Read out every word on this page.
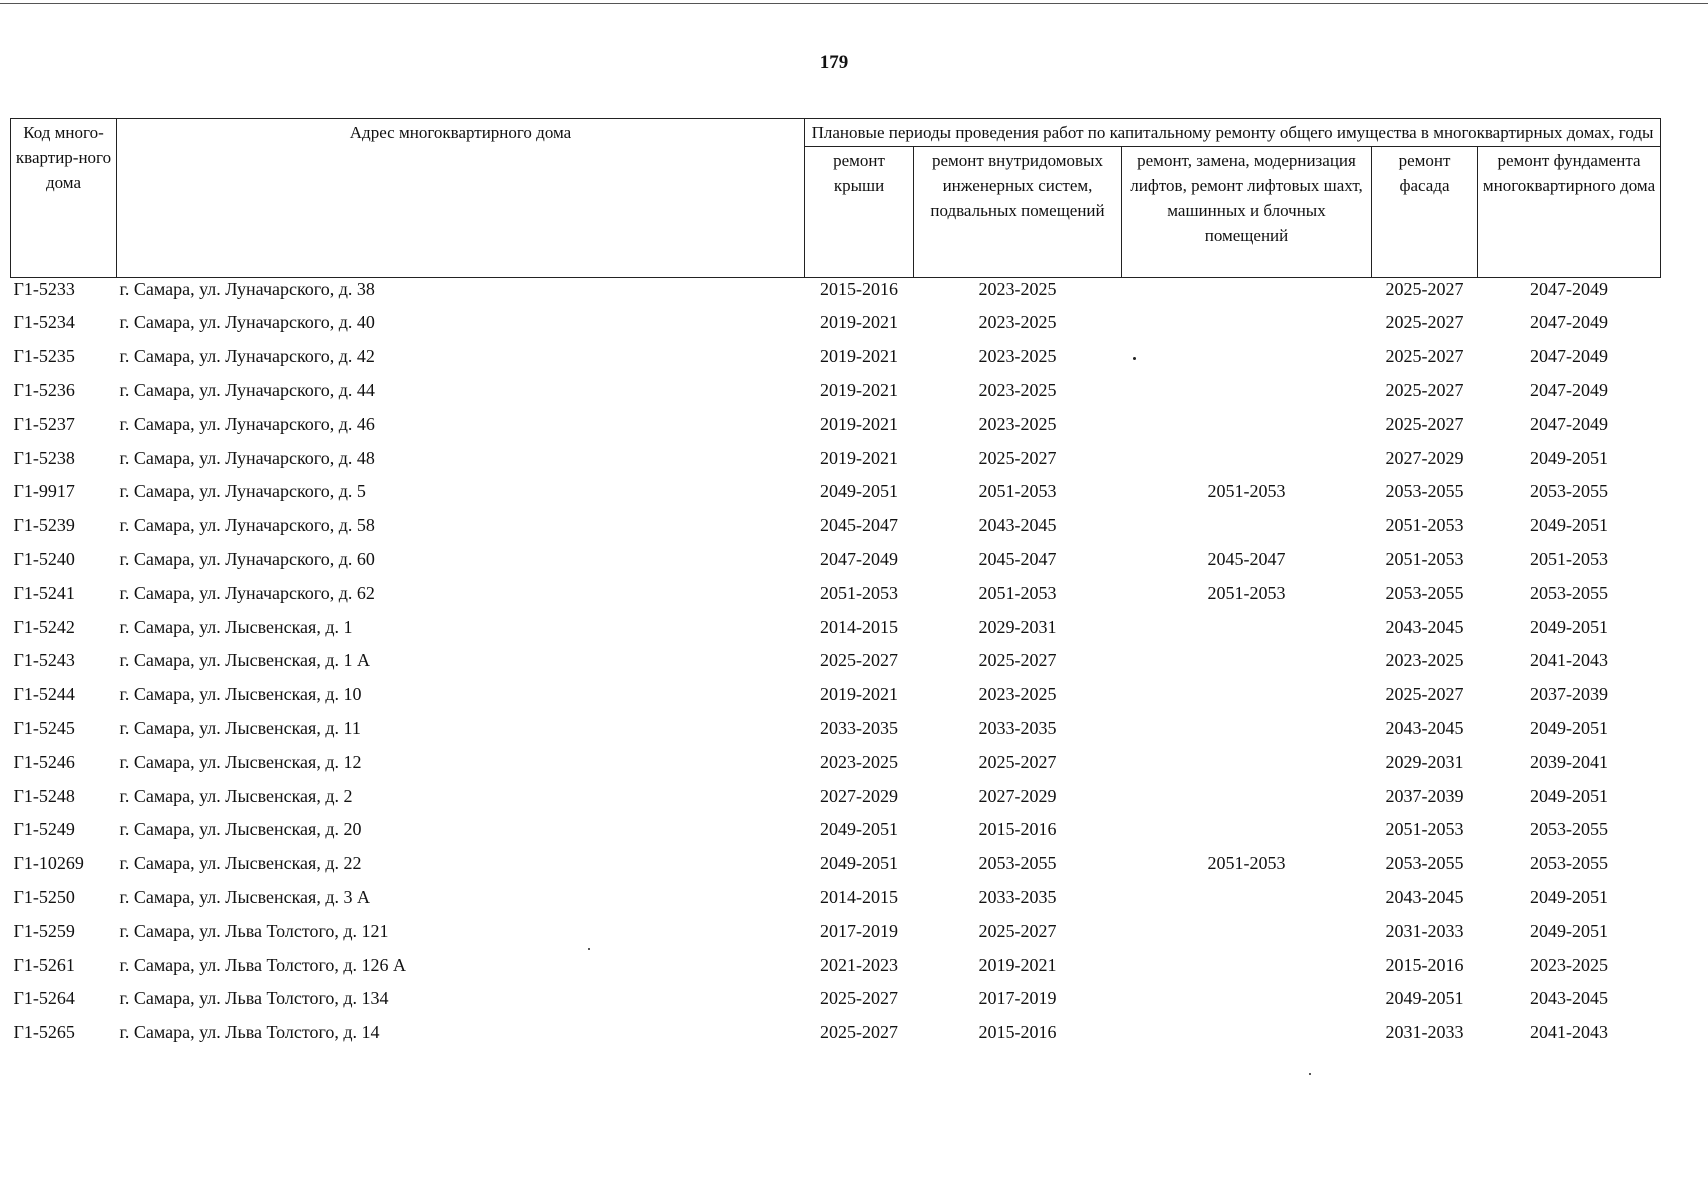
179
Код много-квартир-ного дома	Адрес многоквартирного дома	Плановые периоды проведения работ по капитальному ремонту общего имущества в многоквартирных домах, годы				
		ремонт крыши	ремонт внутридомовых инженерных систем, подвальных помещений	ремонт, замена, модернизация лифтов, ремонт лифтовых шахт, машинных и блочных помещений	ремонт фасада	ремонт фундамента многоквартирного дома
Г1-5233	г. Самара, ул. Луначарского, д. 38	2015-2016	2023-2025		2025-2027	2047-2049
Г1-5234	г. Самара, ул. Луначарского, д. 40	2019-2021	2023-2025		2025-2027	2047-2049
Г1-5235	г. Самара, ул. Луначарского, д. 42	2019-2021	2023-2025		2025-2027	2047-2049
Г1-5236	г. Самара, ул. Луначарского, д. 44	2019-2021	2023-2025		2025-2027	2047-2049
Г1-5237	г. Самара, ул. Луначарского, д. 46	2019-2021	2023-2025		2025-2027	2047-2049
Г1-5238	г. Самара, ул. Луначарского, д. 48	2019-2021	2025-2027		2027-2029	2049-2051
Г1-9917	г. Самара, ул. Луначарского, д. 5	2049-2051	2051-2053	2051-2053	2053-2055	2053-2055
Г1-5239	г. Самара, ул. Луначарского, д. 58	2045-2047	2043-2045		2051-2053	2049-2051
Г1-5240	г. Самара, ул. Луначарского, д. 60	2047-2049	2045-2047	2045-2047	2051-2053	2051-2053
Г1-5241	г. Самара, ул. Луначарского, д. 62	2051-2053	2051-2053	2051-2053	2053-2055	2053-2055
Г1-5242	г. Самара, ул. Лысвенская, д. 1	2014-2015	2029-2031		2043-2045	2049-2051
Г1-5243	г. Самара, ул. Лысвенская, д. 1 А	2025-2027	2025-2027		2023-2025	2041-2043
Г1-5244	г. Самара, ул. Лысвенская, д. 10	2019-2021	2023-2025		2025-2027	2037-2039
Г1-5245	г. Самара, ул. Лысвенская, д. 11	2033-2035	2033-2035		2043-2045	2049-2051
Г1-5246	г. Самара, ул. Лысвенская, д. 12	2023-2025	2025-2027		2029-2031	2039-2041
Г1-5248	г. Самара, ул. Лысвенская, д. 2	2027-2029	2027-2029		2037-2039	2049-2051
Г1-5249	г. Самара, ул. Лысвенская, д. 20	2049-2051	2015-2016		2051-2053	2053-2055
Г1-10269	г. Самара, ул. Лысвенская, д. 22	2049-2051	2053-2055	2051-2053	2053-2055	2053-2055
Г1-5250	г. Самара, ул. Лысвенская, д. 3 А	2014-2015	2033-2035		2043-2045	2049-2051
Г1-5259	г. Самара, ул. Льва Толстого, д. 121	2017-2019	2025-2027		2031-2033	2049-2051
Г1-5261	г. Самара, ул. Льва Толстого, д. 126 А	2021-2023	2019-2021		2015-2016	2023-2025
Г1-5264	г. Самара, ул. Льва Толстого, д. 134	2025-2027	2017-2019		2049-2051	2043-2045
Г1-5265	г. Самара, ул. Льва Толстого, д. 14	2025-2027	2015-2016		2031-2033	2041-2043
